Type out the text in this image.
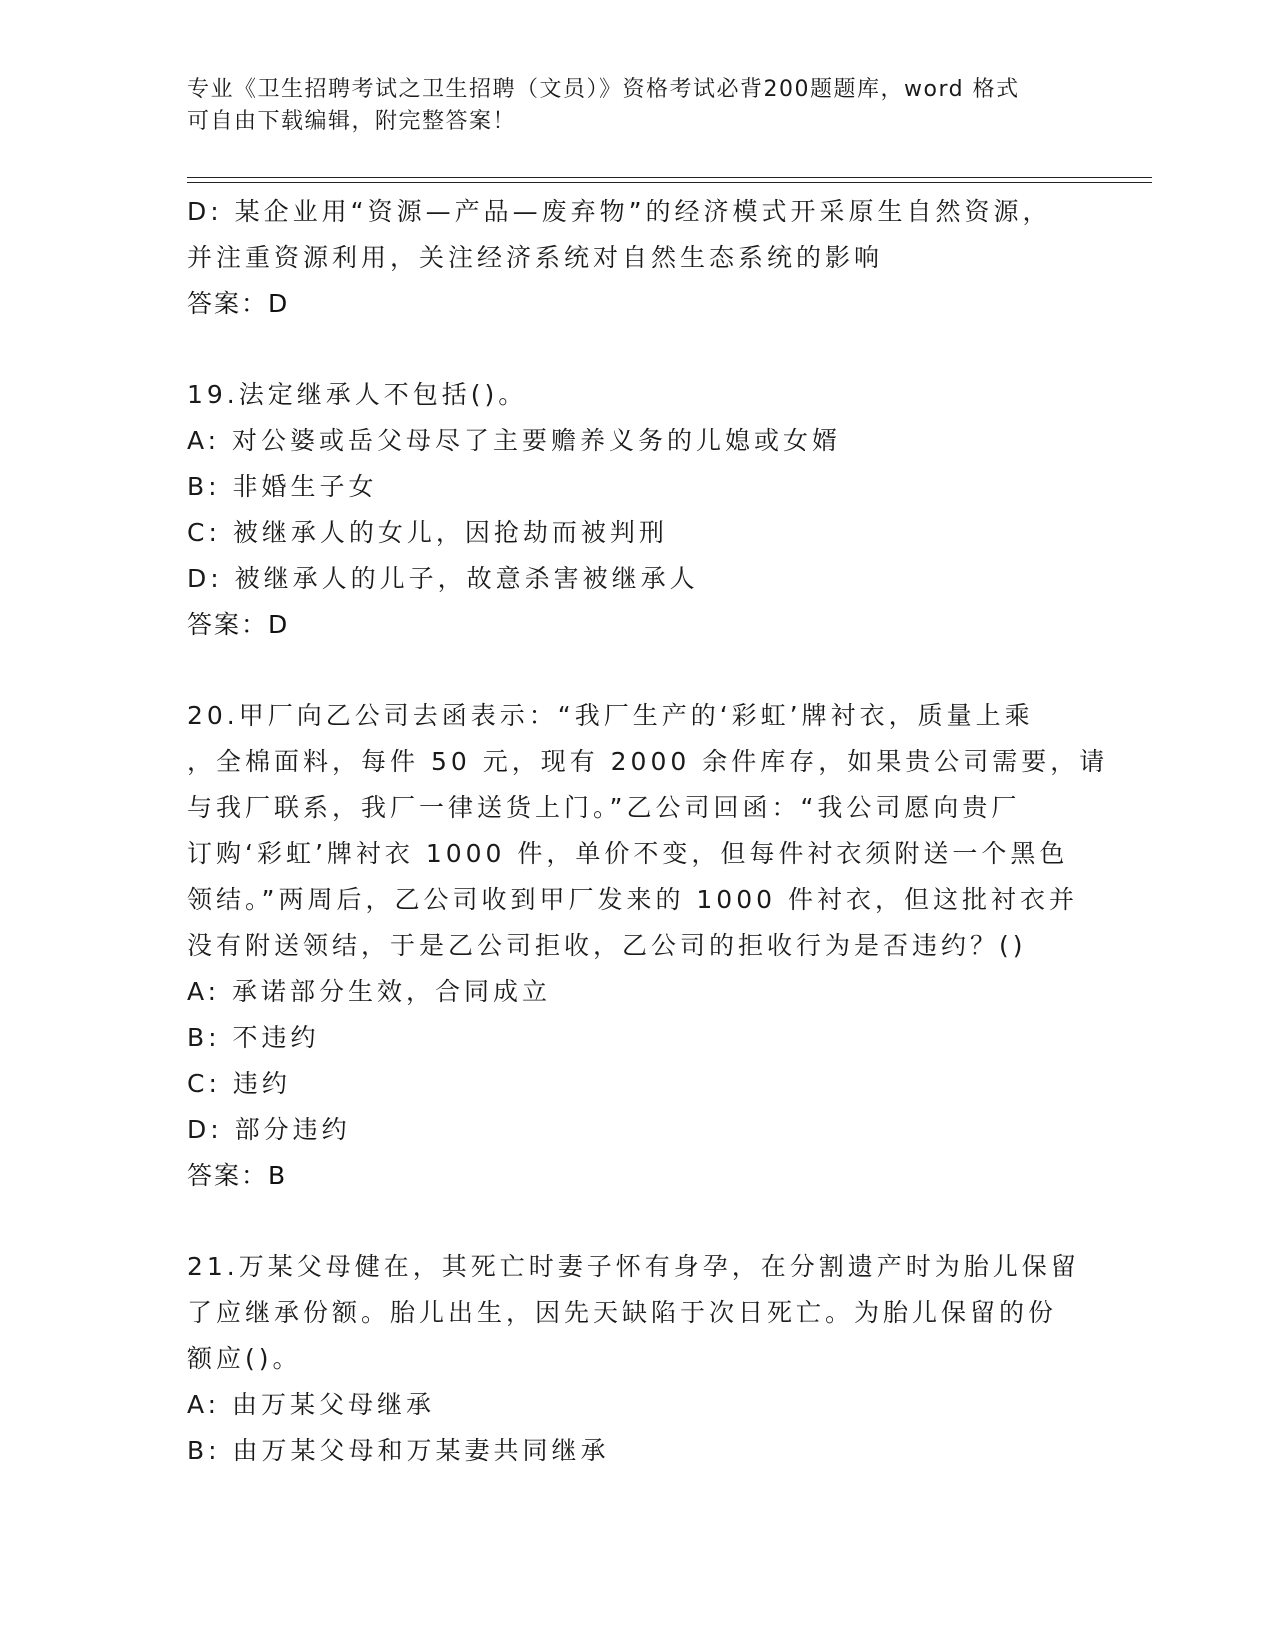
专业《卫生招聘考试之卫生招聘（文员）》资格考试必背200题题库，word 格式
可自由下载编辑，附完整答案！
D: 某企业用“资源—产品—废弃物”的经济模式开采原生自然资源，
并注重资源利用，关注经济系统对自然生态系统的影响
答案：D
19.法定继承人不包括()。
A: 对公婆或岳父母尽了主要赡养义务的儿媳或女婿
B: 非婚生子女
C: 被继承人的女儿，因抢劫而被判刑
D: 被继承人的儿子，故意杀害被继承人
答案：D
20.甲厂向乙公司去函表示：“我厂生产的‘彩虹’牌衬衣，质量上乘
，全棉面料，每件 50 元，现有 2000 余件库存，如果贵公司需要，请
与我厂联系，我厂一律送货上门。”乙公司回函：“我公司愿向贵厂
订购‘彩虹’牌衬衣 1000 件，单价不变，但每件衬衣须附送一个黑色
领结。”两周后，乙公司收到甲厂发来的 1000 件衬衣，但这批衬衣并
没有附送领结，于是乙公司拒收，乙公司的拒收行为是否违约？()
A: 承诺部分生效，合同成立
B: 不违约
C: 违约
D: 部分违约
答案：B
21.万某父母健在，其死亡时妻子怀有身孕，在分割遗产时为胎儿保留
了应继承份额。胎儿出生，因先天缺陷于次日死亡。为胎儿保留的份
额应()。
A: 由万某父母继承
B: 由万某父母和万某妻共同继承
